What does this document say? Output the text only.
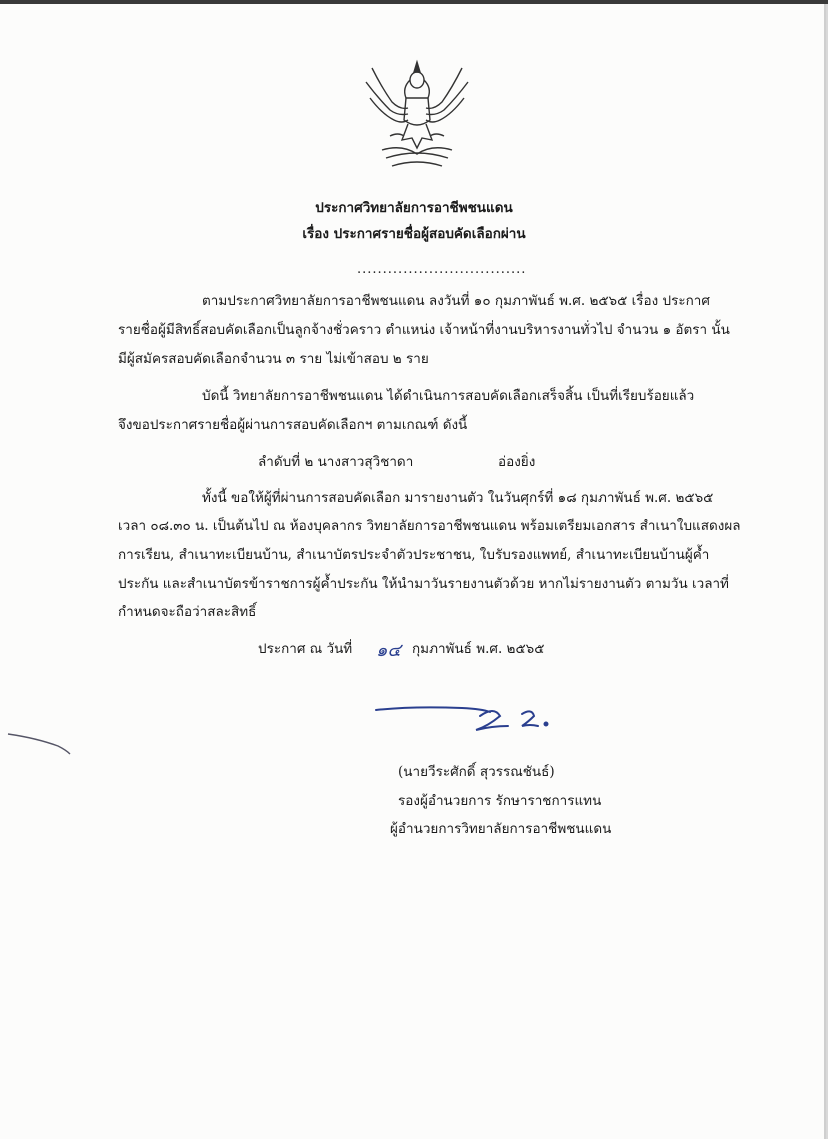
ประกาศวิทยาลัยการอาชีพชนแดน
เรื่อง ประกาศรายชื่อผู้สอบคัดเลือกผ่าน
.................................
ตามประกาศวิทยาลัยการอาชีพชนแดน ลงวันที่ ๑๐ กุมภาพันธ์ พ.ศ. ๒๕๖๕ เรื่อง ประกาศ
รายชื่อผู้มีสิทธิ์สอบคัดเลือกเป็นลูกจ้างชั่วคราว ตำแหน่ง เจ้าหน้าที่งานบริหารงานทั่วไป จำนวน ๑ อัตรา นั้น
มีผู้สมัครสอบคัดเลือกจำนวน ๓ ราย ไม่เข้าสอบ ๒ ราย
บัดนี้ วิทยาลัยการอาชีพชนแดน ได้ดำเนินการสอบคัดเลือกเสร็จสิ้น เป็นที่เรียบร้อยแล้ว
จึงขอประกาศรายชื่อผู้ผ่านการสอบคัดเลือกฯ ตามเกณฑ์ ดังนี้
ลำดับที่ ๒ นางสาวสุวิชาดา	อ่องยิ่ง
ทั้งนี้ ขอให้ผู้ที่ผ่านการสอบคัดเลือก มารายงานตัว ในวันศุกร์ที่ ๑๘ กุมภาพันธ์ พ.ศ. ๒๕๖๕
เวลา ๐๘.๓๐ น. เป็นต้นไป ณ ห้องบุคลากร วิทยาลัยการอาชีพชนแดน พร้อมเตรียมเอกสาร สำเนาใบแสดงผล
การเรียน, สำเนาทะเบียนบ้าน, สำเนาบัตรประจำตัวประชาชน, ใบรับรองแพทย์, สำเนาทะเบียนบ้านผู้ค้ำ
ประกัน และสำเนาบัตรข้าราชการผู้ค้ำประกัน ให้นำมาวันรายงานตัวด้วย หากไม่รายงานตัว ตามวัน เวลาที่
กำหนดจะถือว่าสละสิทธิ์
ประกาศ ณ วันที่ ๑๔ กุมภาพันธ์ พ.ศ. ๒๕๖๕
(นายวีระศักดิ์ สุวรรณชันธ์)
รองผู้อำนวยการ รักษาราชการแทน
ผู้อำนวยการวิทยาลัยการอาชีพชนแดน
